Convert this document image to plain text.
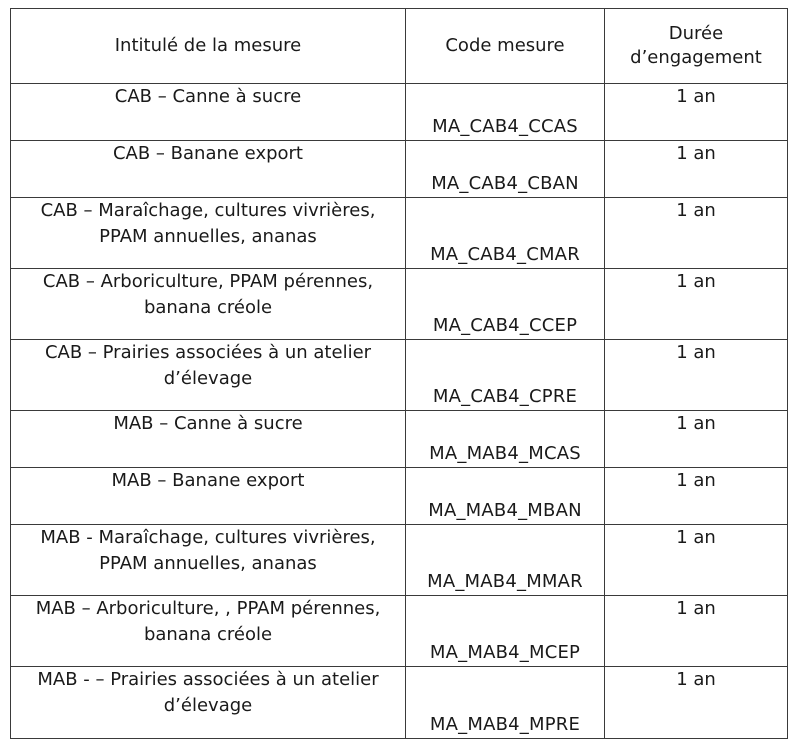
Intitulé de la mesure	Code mesure	Durée
d’engagement
CAB – Canne à sucre	MA_CAB4_CCAS	1 an
CAB – Banane export	MA_CAB4_CBAN	1 an
CAB – Maraîchage, cultures vivrières,
PPAM annuelles, ananas	MA_CAB4_CMAR	1 an
CAB – Arboriculture, PPAM pérennes,
banana créole	MA_CAB4_CCEP	1 an
CAB – Prairies associées à un atelier
d’élevage	MA_CAB4_CPRE	1 an
MAB – Canne à sucre	MA_MAB4_MCAS	1 an
MAB – Banane export	MA_MAB4_MBAN	1 an
MAB - Maraîchage, cultures vivrières,
PPAM annuelles, ananas	MA_MAB4_MMAR	1 an
MAB – Arboriculture, , PPAM pérennes,
banana créole	MA_MAB4_MCEP	1 an
MAB - – Prairies associées à un atelier
d’élevage	MA_MAB4_MPRE	1 an
